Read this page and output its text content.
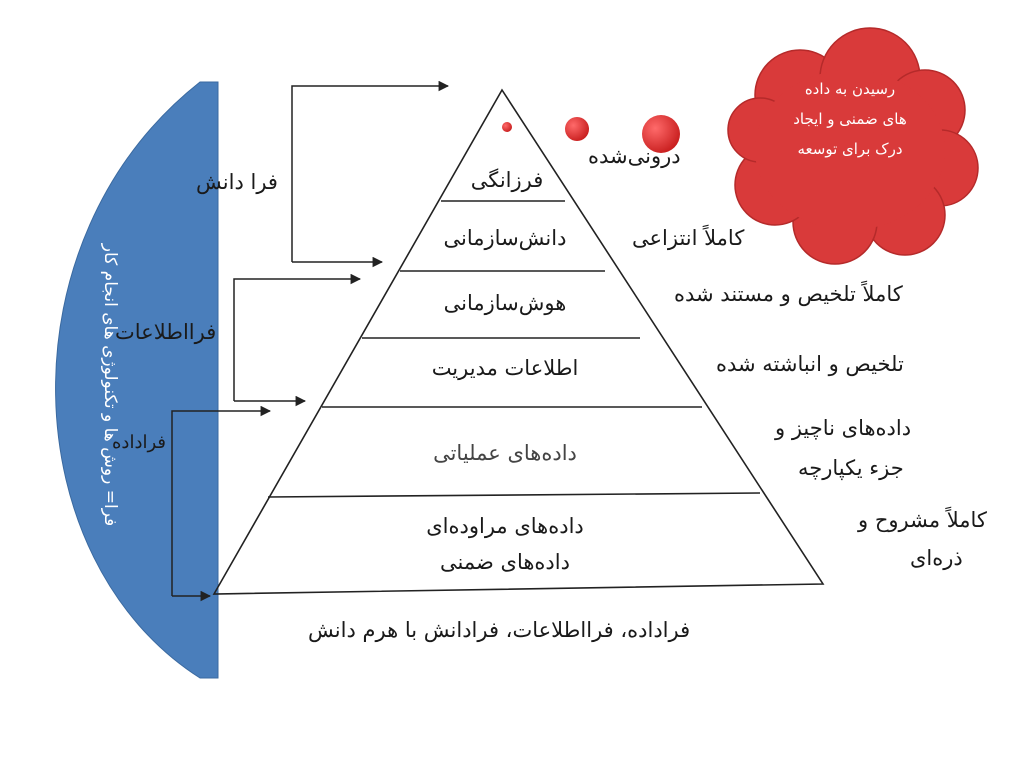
فرزانگی
دانش‌سازمانی
هوش‌سازمانی
اطلاعات مدیریت
داده‌های عملیاتی
داده‌های مراوده‌ای
داده‌های ضمنی
درونی‌شده
کاملاً انتزاعی
کاملاً تلخیص و مستند شده
تلخیص و انباشته شده
داده‌های ناچیز و
جزء یکپارچه
کاملاً مشروح و
ذره‌ای
فرا دانش
فرااطلاعات
فراداده
فراداده، فرااطلاعات، فرادانش با هرم دانش
رسیدن به داده
های ضمنی و ایجاد
درک برای توسعه
فرا= روش ها و تکنولوژی های انجام کار
